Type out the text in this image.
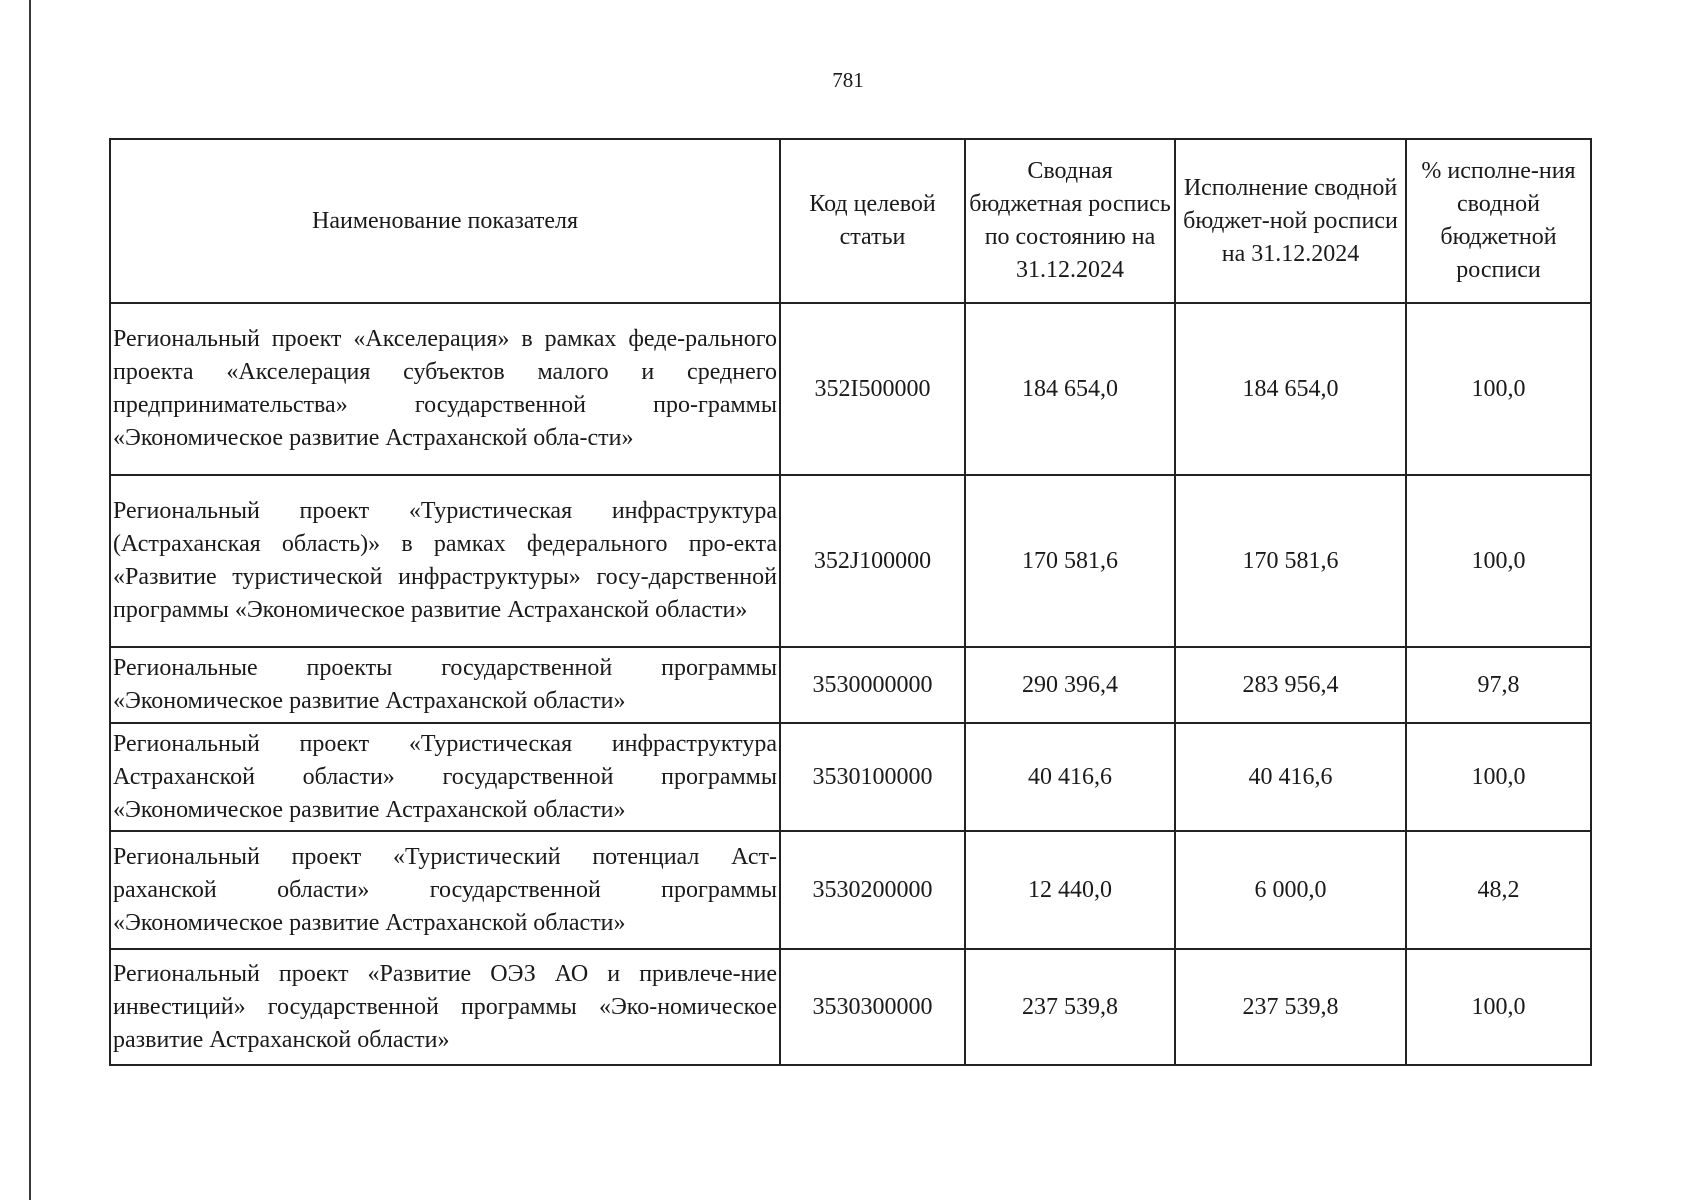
781
Наименование показателя	Код целевой статьи	Сводная бюджетная роспись по состоянию на 31.12.2024	Исполнение сводной бюджет-ной росписи на 31.12.2024	% исполне-ния сводной бюджетной росписи
Региональный проект «Акселерация» в рамках феде-рального проекта «Акселерация субъектов малого и среднего предпринимательства» государственной про-граммы «Экономическое развитие Астраханской обла-сти»	352I500000	184 654,0	184 654,0	100,0
Региональный проект «Туристическая инфраструктура (Астраханская область)» в рамках федерального про-екта «Развитие туристической инфраструктуры» госу-дарственной программы «Экономическое развитие Астраханской области»	352J100000	170 581,6	170 581,6	100,0
Региональные проекты государственной программы «Экономическое развитие Астраханской области»	3530000000	290 396,4	283 956,4	97,8
Региональный проект «Туристическая инфраструктура Астраханской области» государственной программы «Экономическое развитие Астраханской области»	3530100000	40 416,6	40 416,6	100,0
Региональный проект «Туристический потенциал Аст-раханской области» государственной программы «Экономическое развитие Астраханской области»	3530200000	12 440,0	6 000,0	48,2
Региональный проект «Развитие ОЭЗ АО и привлече-ние инвестиций» государственной программы «Эко-номическое развитие Астраханской области»	3530300000	237 539,8	237 539,8	100,0
